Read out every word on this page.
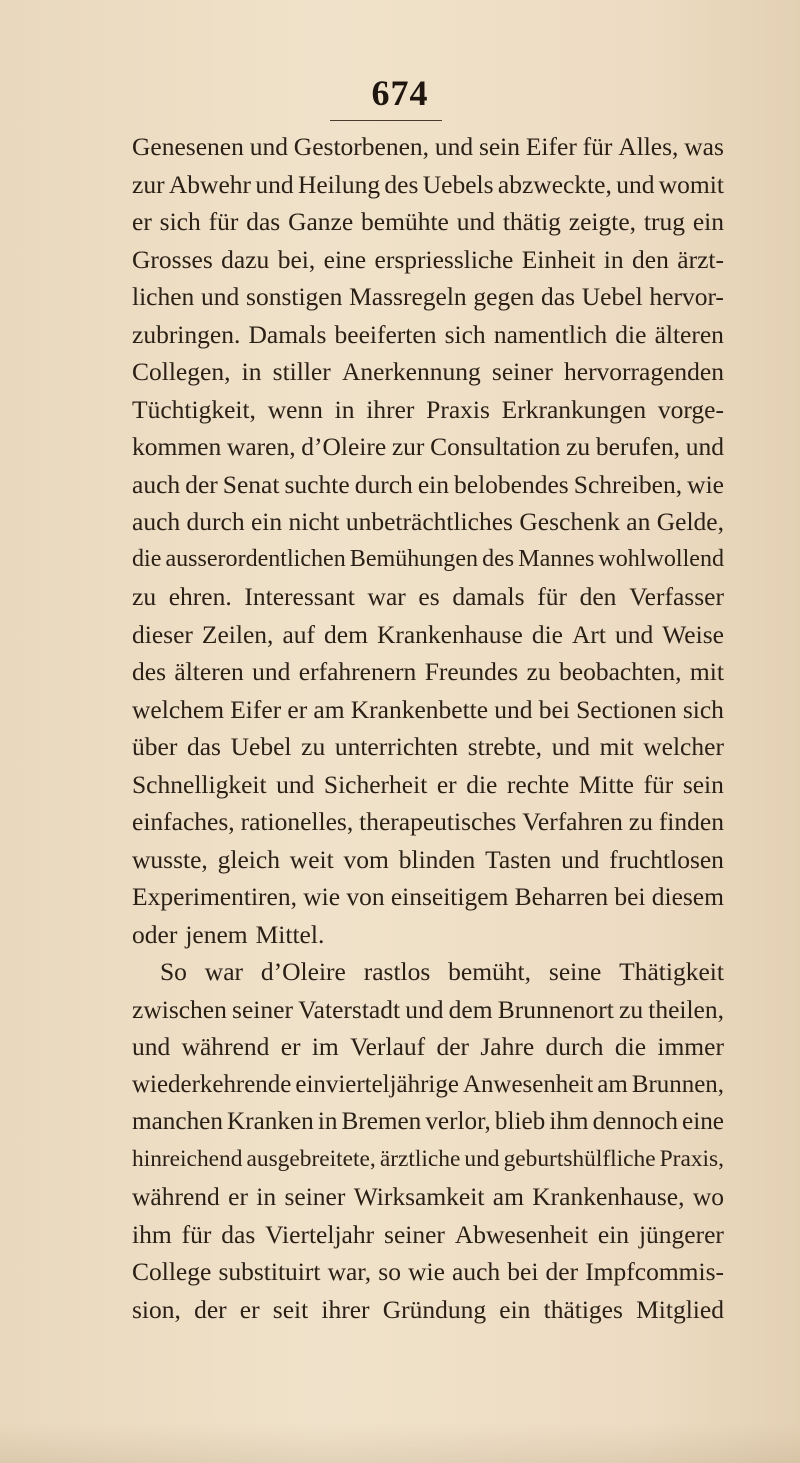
674
Genesenen und Gestorbenen, und sein Eifer für Alles, was
zur Abwehr und Heilung des Uebels abzweckte, und womit
er sich für das Ganze bemühte und thätig zeigte, trug ein
Grosses dazu bei, eine erspriessliche Einheit in den ärzt-
lichen und sonstigen Massregeln gegen das Uebel hervor-
zubringen. Damals beeiferten sich namentlich die älteren
Collegen, in stiller Anerkennung seiner hervorragenden
Tüchtigkeit, wenn in ihrer Praxis Erkrankungen vorge-
kommen waren, d’Oleire zur Consultation zu berufen, und
auch der Senat suchte durch ein belobendes Schreiben, wie
auch durch ein nicht unbeträchtliches Geschenk an Gelde,
die ausserordentlichen Bemühungen des Mannes wohlwollend
zu ehren. Interessant war es damals für den Verfasser
dieser Zeilen, auf dem Krankenhause die Art und Weise
des älteren und erfahrenern Freundes zu beobachten, mit
welchem Eifer er am Krankenbette und bei Sectionen sich
über das Uebel zu unterrichten strebte, und mit welcher
Schnelligkeit und Sicherheit er die rechte Mitte für sein
einfaches, rationelles, therapeutisches Verfahren zu finden
wusste, gleich weit vom blinden Tasten und fruchtlosen
Experimentiren, wie von einseitigem Beharren bei diesem
oder jenem Mittel.
So war d’Oleire rastlos bemüht, seine Thätigkeit
zwischen seiner Vaterstadt und dem Brunnenort zu theilen,
und während er im Verlauf der Jahre durch die immer
wiederkehrende einvierteljährige Anwesenheit am Brunnen,
manchen Kranken in Bremen verlor, blieb ihm dennoch eine
hinreichend ausgebreitete, ärztliche und geburtshülfliche Praxis,
während er in seiner Wirksamkeit am Krankenhause, wo
ihm für das Vierteljahr seiner Abwesenheit ein jüngerer
College substituirt war, so wie auch bei der Impfcommis-
sion, der er seit ihrer Gründung ein thätiges Mitglied
